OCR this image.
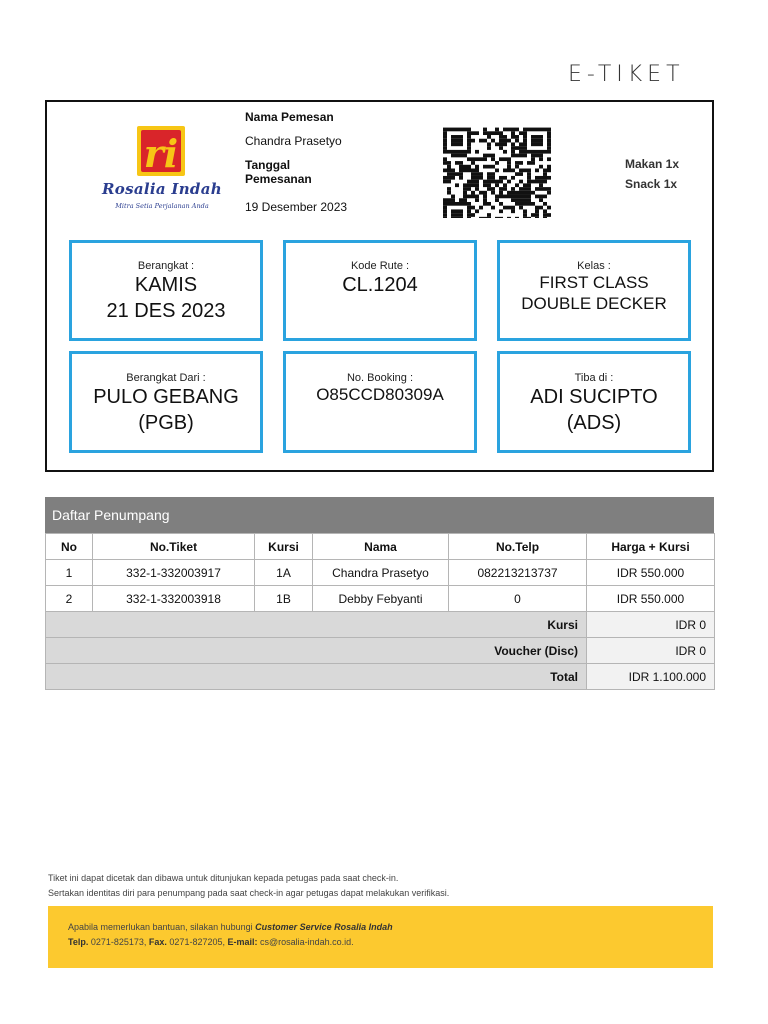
E-TIKET
ri
Rosalia Indah
Mitra Setia Perjalanan Anda
Nama Pemesan
Chandra Prasetyo
Tanggal
Pemesanan
19 Desember 2023
Makan 1x
Snack 1x
Berangkat :
KAMIS
21 DES 2023
Kode Rute :
CL.1204
Kelas :
FIRST CLASS
DOUBLE DECKER
Berangkat Dari :
PULO GEBANG
(PGB)
No. Booking :
O85CCD80309A
Tiba di :
ADI SUCIPTO
(ADS)
Daftar Penumpang
No	No.Tiket	Kursi	Nama	No.Telp	Harga + Kursi
1	332-1-332003917	1A	Chandra Prasetyo	082213213737	IDR 550.000
2	332-1-332003918	1B	Debby Febyanti	0	IDR 550.000
Kursi					IDR 0
Voucher (Disc)					IDR 0
Total					IDR 1.100.000
Tiket ini dapat dicetak dan dibawa untuk ditunjukan kepada petugas pada saat check-in.
Sertakan identitas diri para penumpang pada saat check-in agar petugas dapat melakukan verifikasi.
Apabila memerlukan bantuan, silakan hubungi Customer Service Rosalia Indah
Telp. 0271-825173, Fax. 0271-827205, E-mail: cs@rosalia-indah.co.id.
